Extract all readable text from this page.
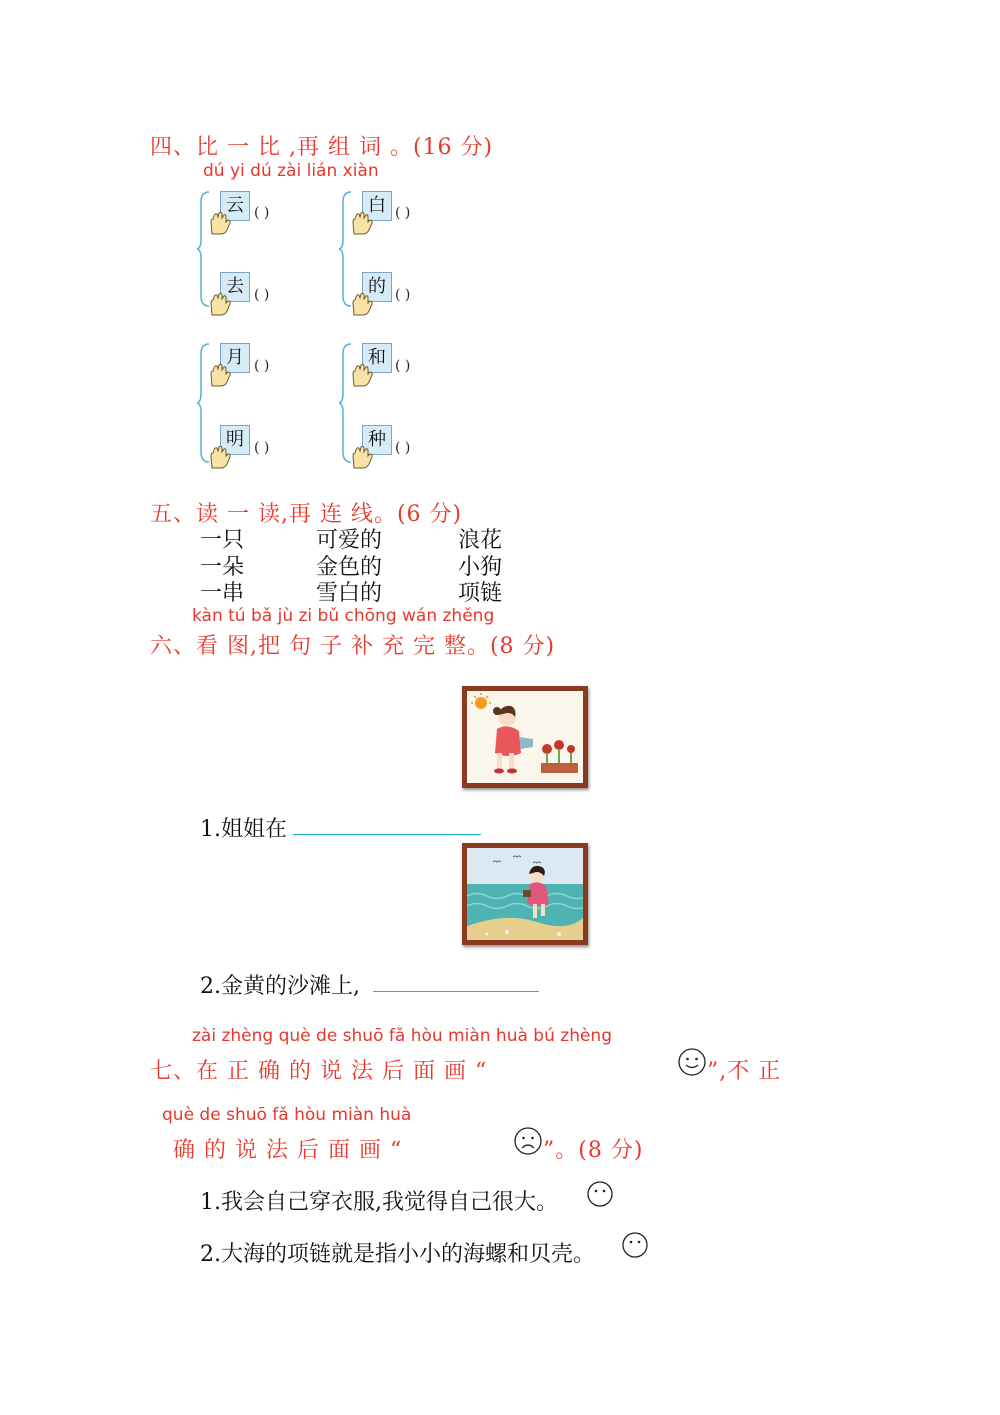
四、比 一 比 ,再 组 词 。(16 分)
dú yi dú zài lián xiàn
云 ( )	白 ( )
去 ( )	的 ( )
月 ( )	和 ( )
明 ( )	种 ( )
五、读 一 读,再 连 线。(6 分)
一只	可爱的	浪花
一朵	金色的	小狗
一串	雪白的	项链
kàn tú bǎ jù zi bǔ chōng wán zhěng
六、看 图,把 句 子 补 充 完 整。(8 分)
1.姐姐在
2.金黄的沙滩上,
zài zhèng què de shuō fǎ hòu miàn huà bú zhèng
七、在 正 确 的 说 法 后 面 画 “	”,不 正
què de shuō fǎ hòu miàn huà
确 的 说 法 后 面 画 “	”。(8 分)
1.我会自己穿衣服,我觉得自己很大。
2.大海的项链就是指小小的海螺和贝壳。
